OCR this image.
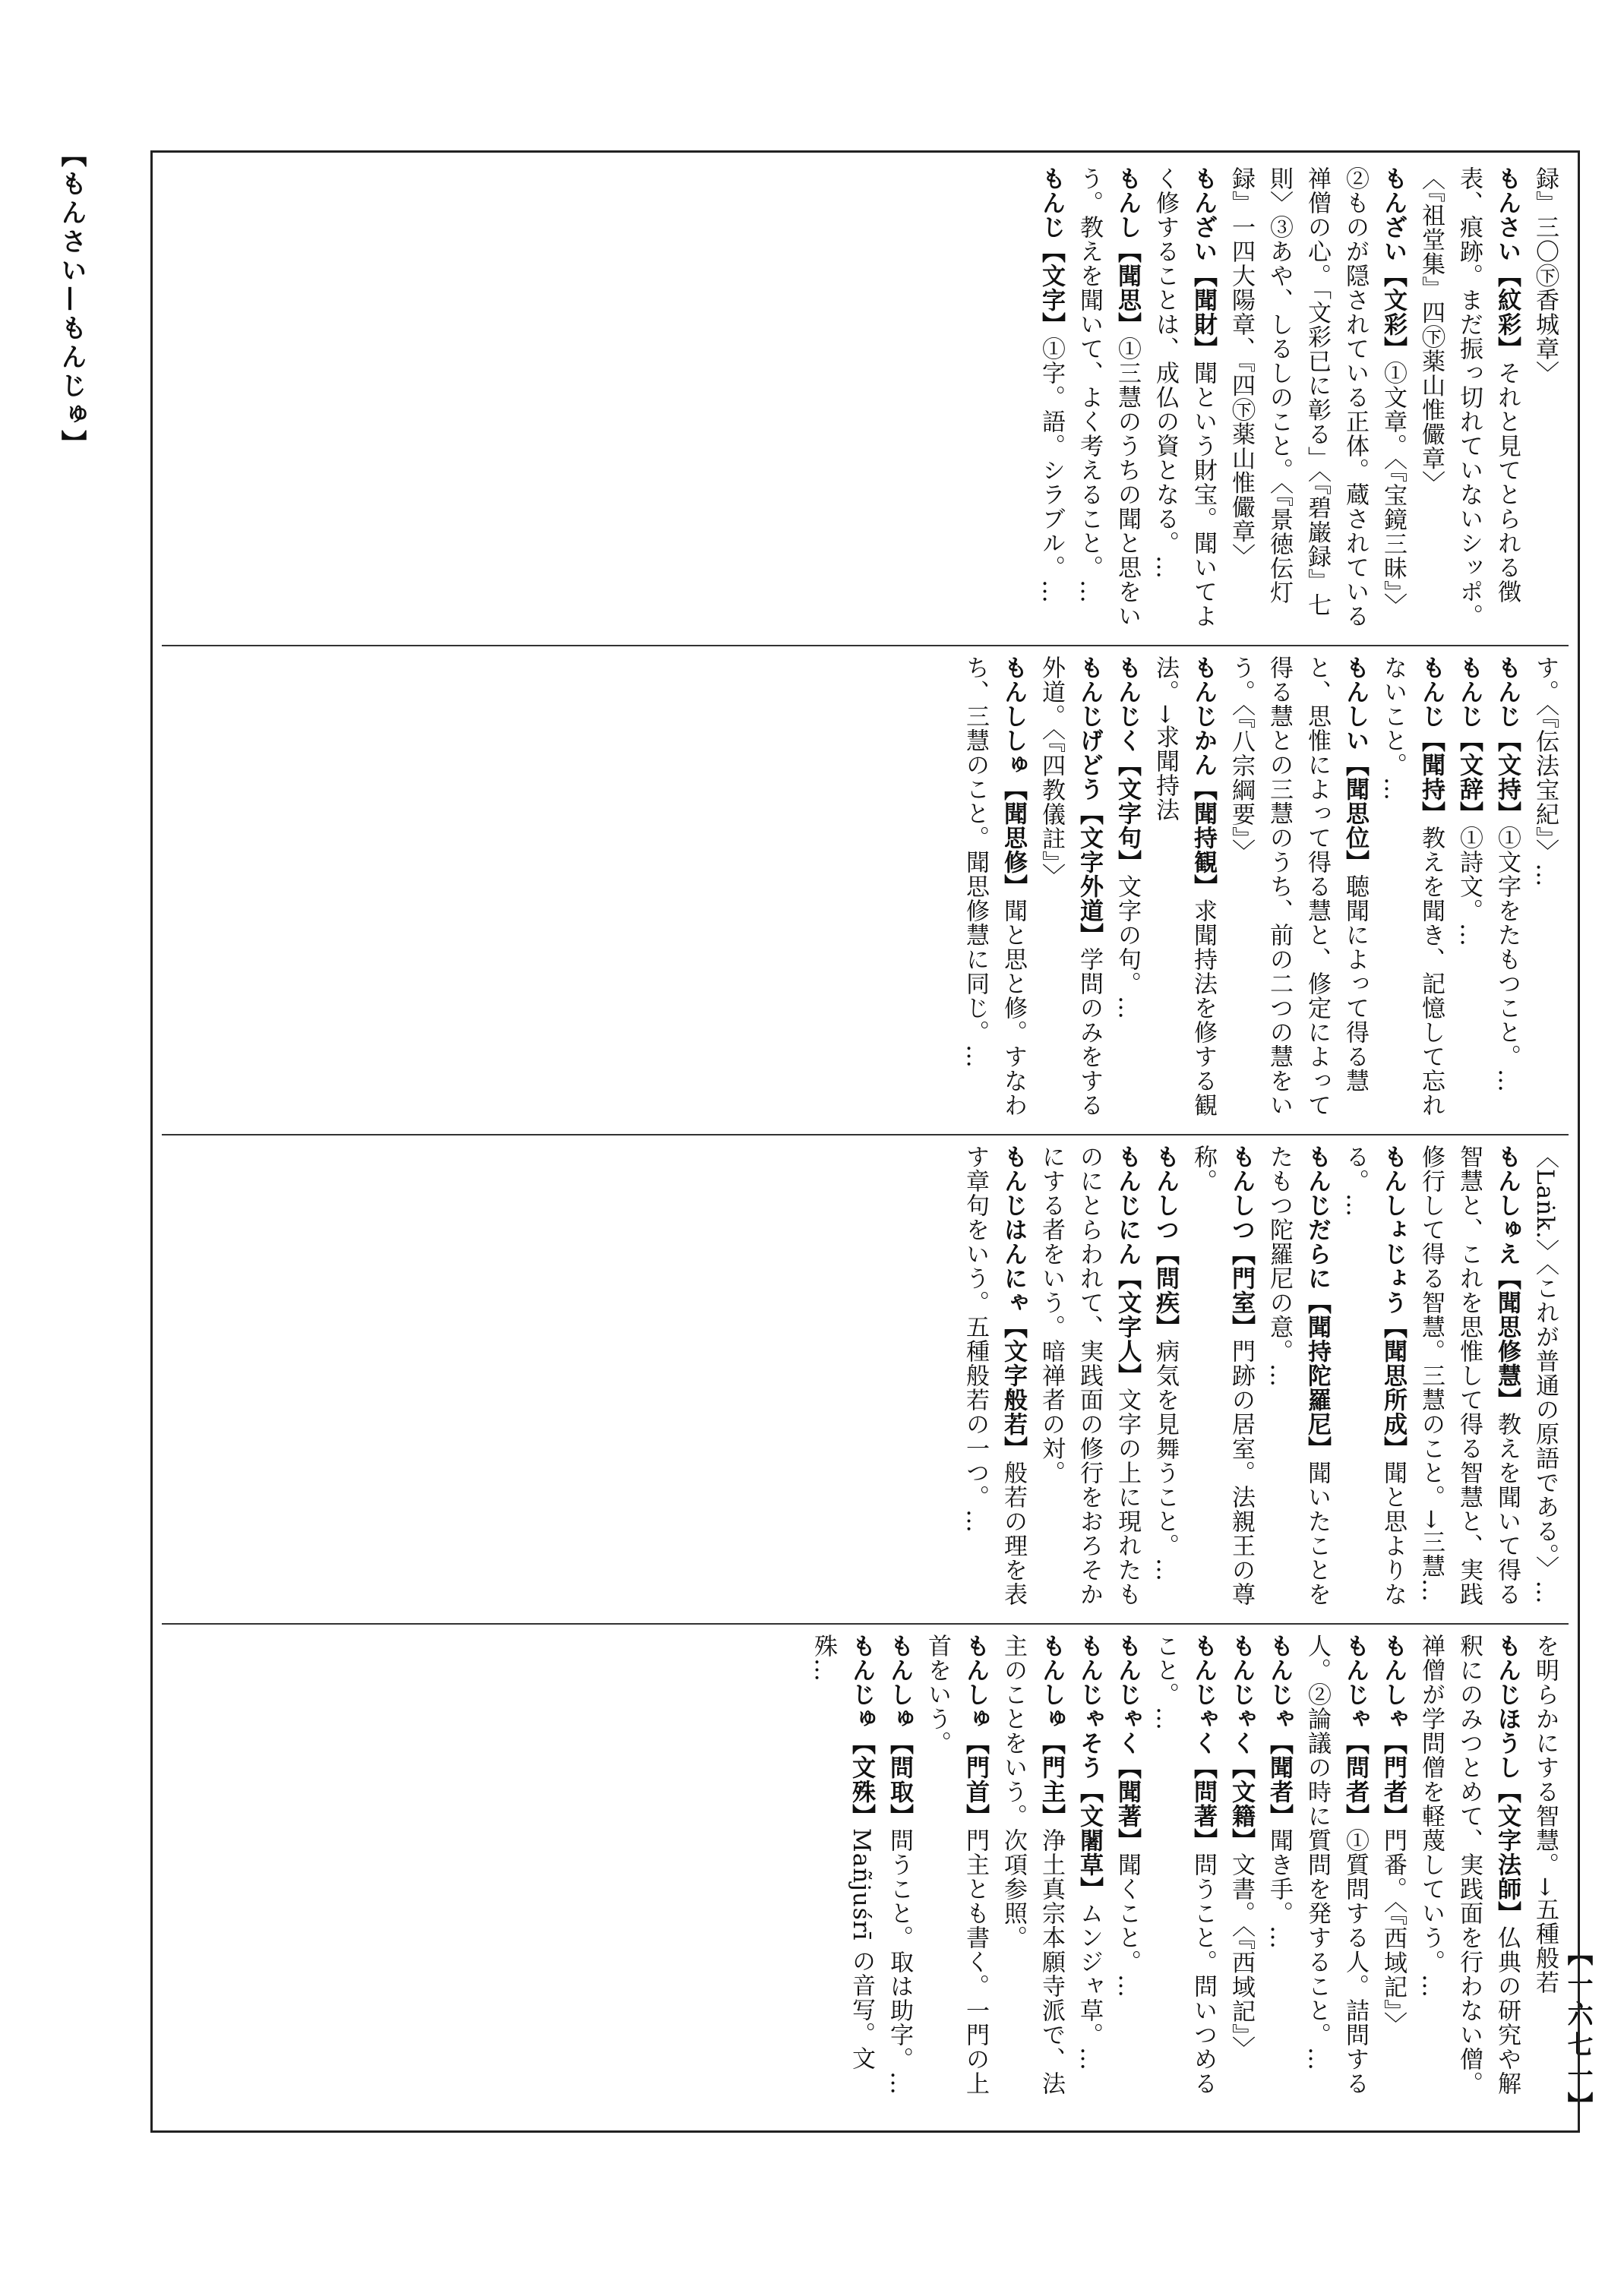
【もんさい—もんじゅ】
【一六七一】
録』三〇㊦香城章〉
もんさい【紋彩】それと見てとられる徴表、痕跡。まだ振っ切れていないシッポ。〈『祖堂集』四㊦薬山惟儼章〉
もんざい【文彩】①文章。〈『宝鏡三昧』〉②ものが隠されている正体。蔵されている禅僧の心。「文彩已に彰る」〈『碧巌録』七則〉③あや、しるしのこと。〈『景徳伝灯録』一四大陽章、『四㊦薬山惟儼章〉
もんざい【聞財】聞という財宝。聞いてよく修することは、成仏の資となる。…
もんし【聞思】①三慧のうちの聞と思をいう。教えを聞いて、よく考えること。…
もんじ【文字】①字。語。シラブル。…
す。〈『伝法宝紀』〉…
もんじ【文持】①文字をたもつこと。…
もんじ【文辞】①詩文。…
もんじ【聞持】教えを聞き、記憶して忘れないこと。…
もんしい【聞思位】聴聞によって得る慧と、思惟によって得る慧と、修定によって得る慧との三慧のうち、前の二つの慧をいう。〈『八宗綱要』〉
もんじかん【聞持観】求聞持法を修する観法。→求聞持法
もんじく【文字句】文字の句。…
もんじげどう【文字外道】学問のみをする外道。〈『四教儀註』〉
もんししゅ【聞思修】聞と思と修。すなわち、三慧のこと。聞思修慧に同じ。…
〈Laṅk.〉〈これが普通の原語である。〉…
もんしゅえ【聞思修慧】教えを聞いて得る智慧と、これを思惟して得る智慧と、実践修行して得る智慧。三慧のこと。→三慧…
もんしょじょう【聞思所成】聞と思よりなる。…
もんじだらに【聞持陀羅尼】聞いたことをたもつ陀羅尼の意。…
もんしつ【門室】門跡の居室。法親王の尊称。
もんしつ【問疾】病気を見舞うこと。…
もんじにん【文字人】文字の上に現れたものにとらわれて、実践面の修行をおろそかにする者をいう。暗禅者の対。
もんじはんにゃ【文字般若】般若の理を表す章句をいう。五種般若の一つ。…
を明らかにする智慧。→五種般若
もんじほうし【文字法師】仏典の研究や解釈にのみつとめて、実践面を行わない僧。禅僧が学問僧を軽蔑していう。…
もんしゃ【門者】門番。〈『西域記』〉
もんじゃ【問者】①質問する人。詰問する人。②論議の時に質問を発すること。…
もんじゃ【聞者】聞き手。…
もんじゃく【文籍】文書。〈『西域記』〉
もんじゃく【問著】問うこと。問いつめること。…
もんじゃく【聞著】聞くこと。…
もんじゃそう【文闍草】ムンジャ草。…
もんしゅ【門主】浄土真宗本願寺派で、法主のことをいう。次項参照。
もんしゅ【門首】門主とも書く。一門の上首をいう。
もんしゅ【問取】問うこと。取は助字。…
もんじゅ【文殊】Mañjuśrī の音写。文殊…
